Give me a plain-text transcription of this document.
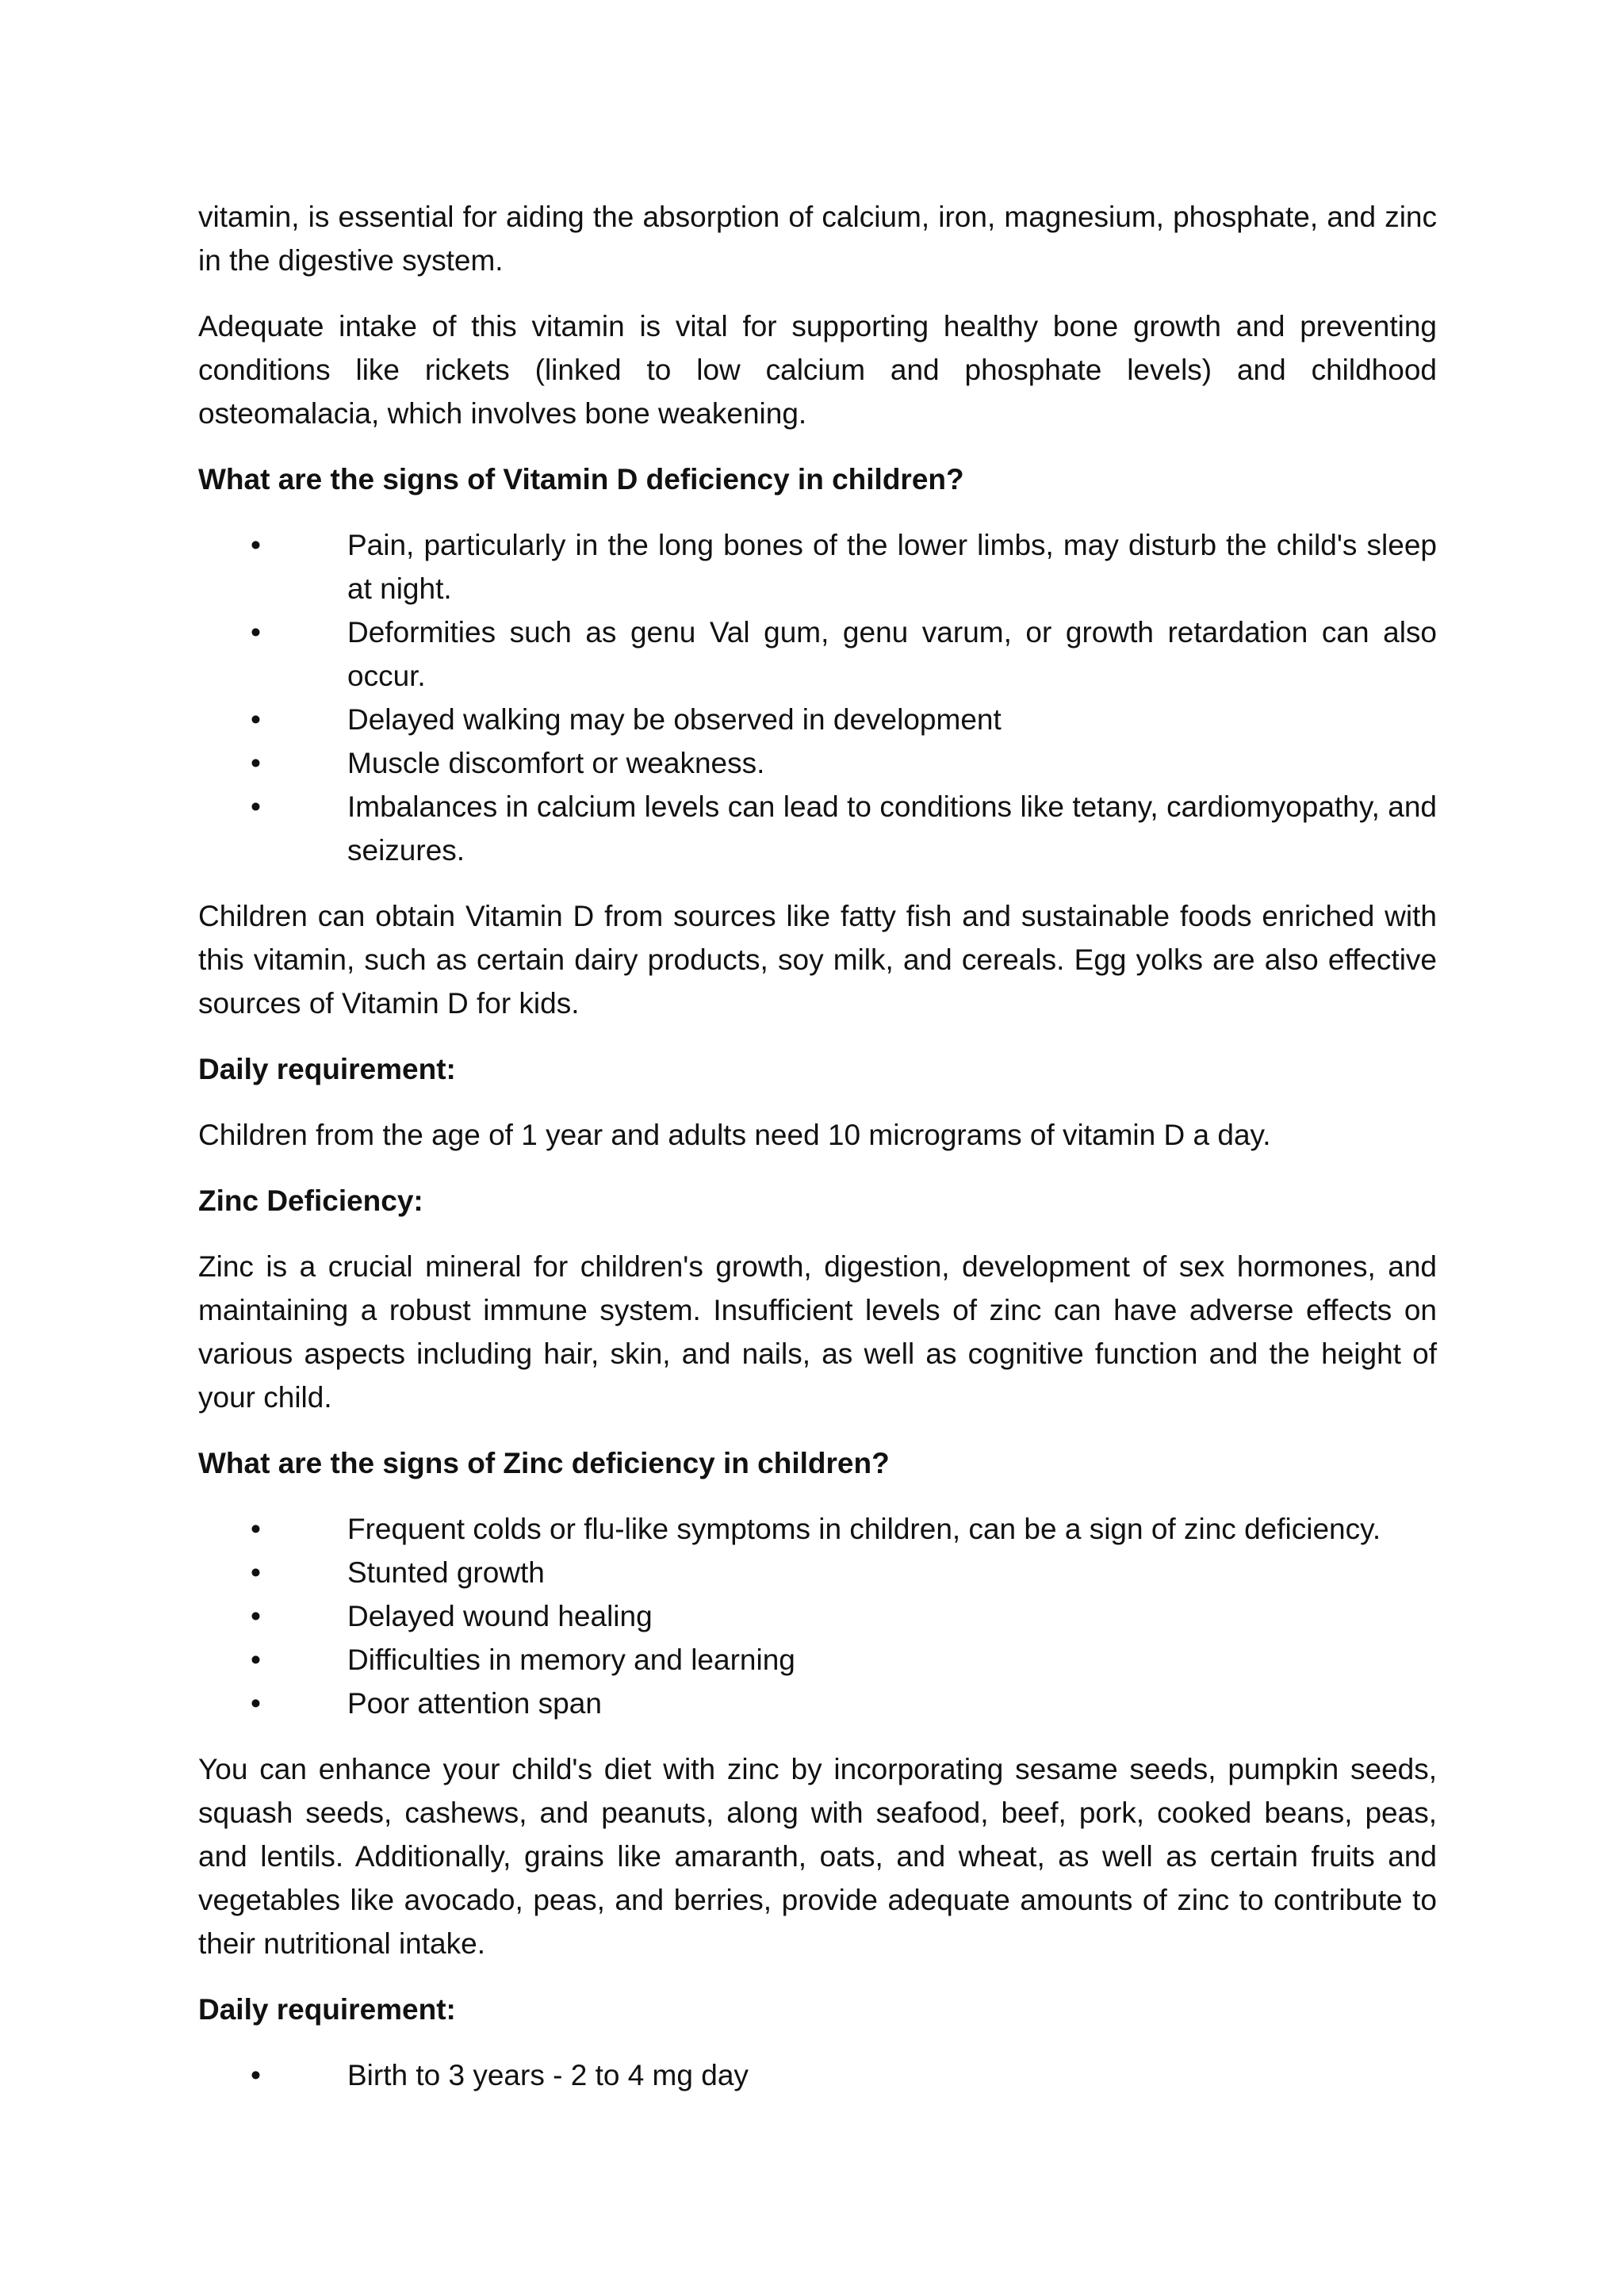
vitamin, is essential for aiding the absorption of calcium, iron, magnesium, phosphate, and zinc in the digestive system.

Adequate intake of this vitamin is vital for supporting healthy bone growth and preventing conditions like rickets (linked to low calcium and phosphate levels) and childhood osteomalacia, which involves bone weakening.

What are the signs of Vitamin D deficiency in children?

•	Pain, particularly in the long bones of the lower limbs, may disturb the child's sleep at night.
•	Deformities such as genu Val gum, genu varum, or growth retardation can also occur.
•	Delayed walking may be observed in development
•	Muscle discomfort or weakness.
•	Imbalances in calcium levels can lead to conditions like tetany, cardiomyopathy, and seizures.

Children can obtain Vitamin D from sources like fatty fish and sustainable foods enriched with this vitamin, such as certain dairy products, soy milk, and cereals. Egg yolks are also effective sources of Vitamin D for kids.

Daily requirement:

Children from the age of 1 year and adults need 10 micrograms of vitamin D a day.

Zinc Deficiency:

Zinc is a crucial mineral for children's growth, digestion, development of sex hormones, and maintaining a robust immune system. Insufficient levels of zinc can have adverse effects on various aspects including hair, skin, and nails, as well as cognitive function and the height of your child.

What are the signs of Zinc deficiency in children?

•	Frequent colds or flu-like symptoms in children, can be a sign of zinc deficiency.
•	Stunted growth
•	Delayed wound healing
•	Difficulties in memory and learning
•	Poor attention span

You can enhance your child's diet with zinc by incorporating sesame seeds, pumpkin seeds, squash seeds, cashews, and peanuts, along with seafood, beef, pork, cooked beans, peas, and lentils. Additionally, grains like amaranth, oats, and wheat, as well as certain fruits and vegetables like avocado, peas, and berries, provide adequate amounts of zinc to contribute to their nutritional intake.

Daily requirement:

•	Birth to 3 years - 2 to 4 mg day
